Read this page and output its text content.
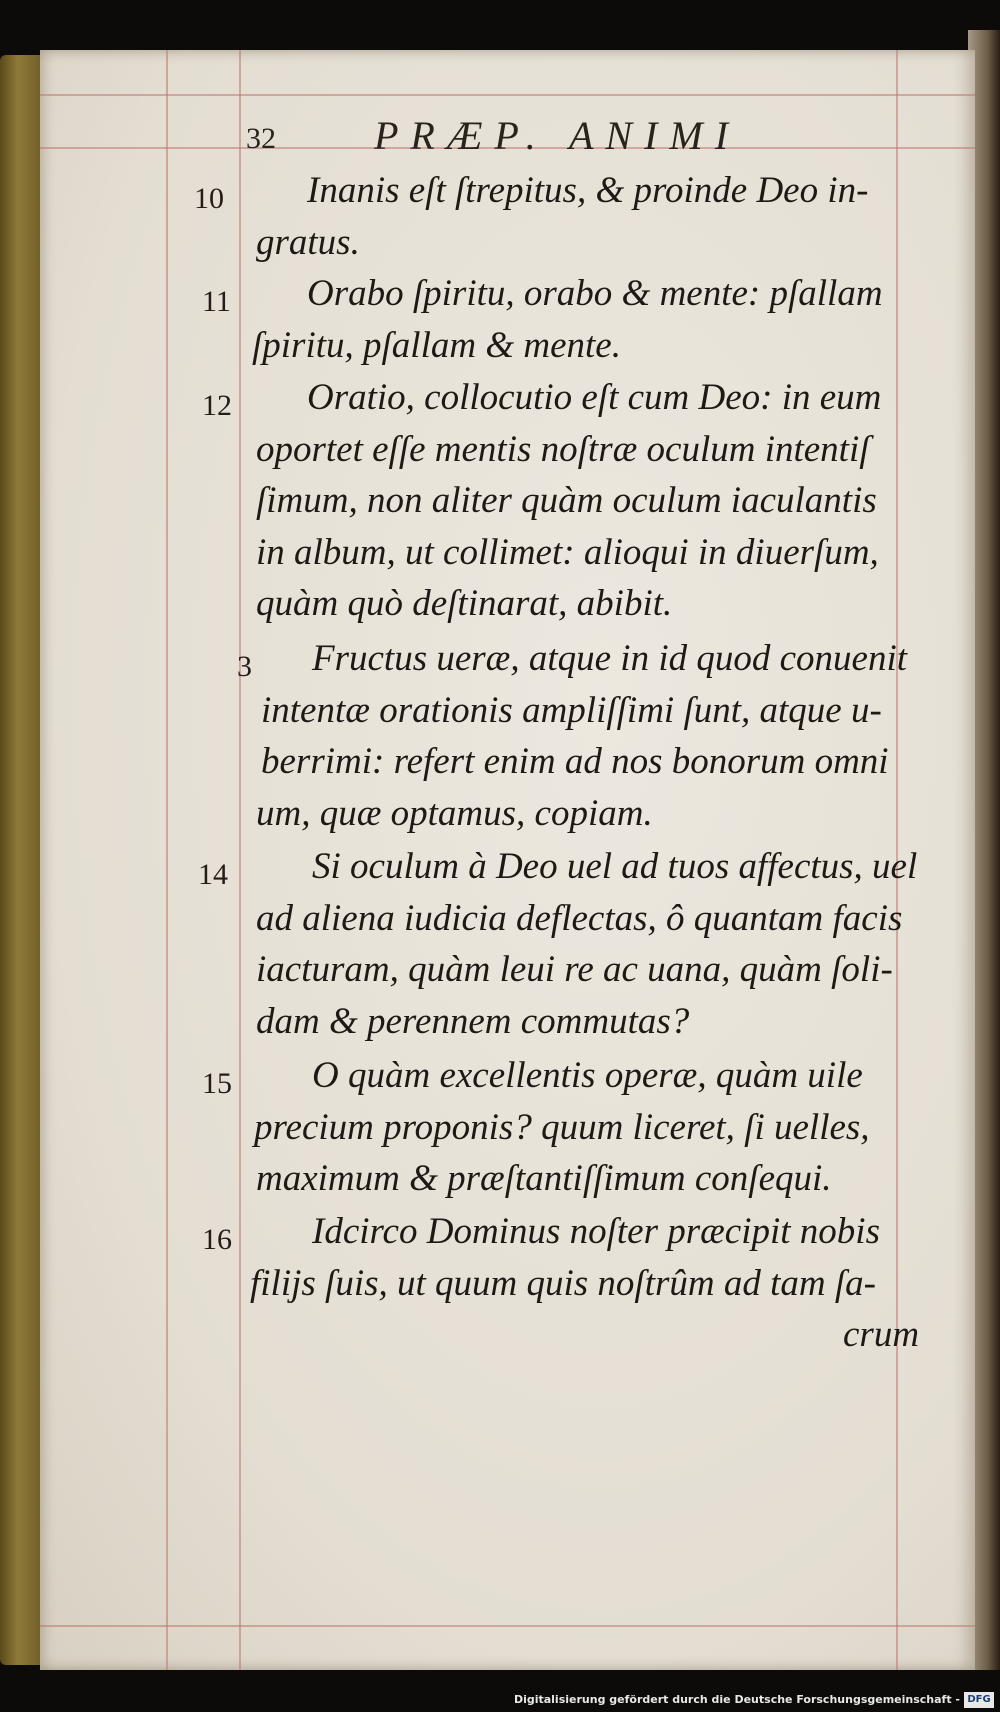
32 PRÆP. ANIMI
10 Inanis eſt ſtrepitus, & proinde Deo in-
gratus.
11 Orabo ſpiritu, orabo & mente: pſallam
ſpiritu, pſallam & mente.
12 Oratio, collocutio eſt cum Deo: in eum
oportet eſſe mentis noſtræ oculum intentiſ
ſimum, non aliter quàm oculum iaculantis
in album, ut collimet: alioqui in diuerſum,
quàm quò deſtinarat, abibit.
3 Fructus ueræ, atque in id quod conuenit
intentæ orationis ampliſſimi ſunt, atque u-
berrimi: refert enim ad nos bonorum omni
um, quæ optamus, copiam.
14 Si oculum à Deo uel ad tuos affectus, uel
ad aliena iudicia deflectas, ô quantam facis
iacturam, quàm leui re ac uana, quàm ſoli-
dam & perennem commutas?
15 O quàm excellentis operæ, quàm uile
precium proponis? quum liceret, ſi uelles,
maximum & præſtantiſſimum conſequi.
16 Idcirco Dominus noſter præcipit nobis
filijs ſuis, ut quum quis noſtrûm ad tam ſa-
crum
Digitalisierung gefördert durch die Deutsche Forschungsgemeinschaft - DFG
